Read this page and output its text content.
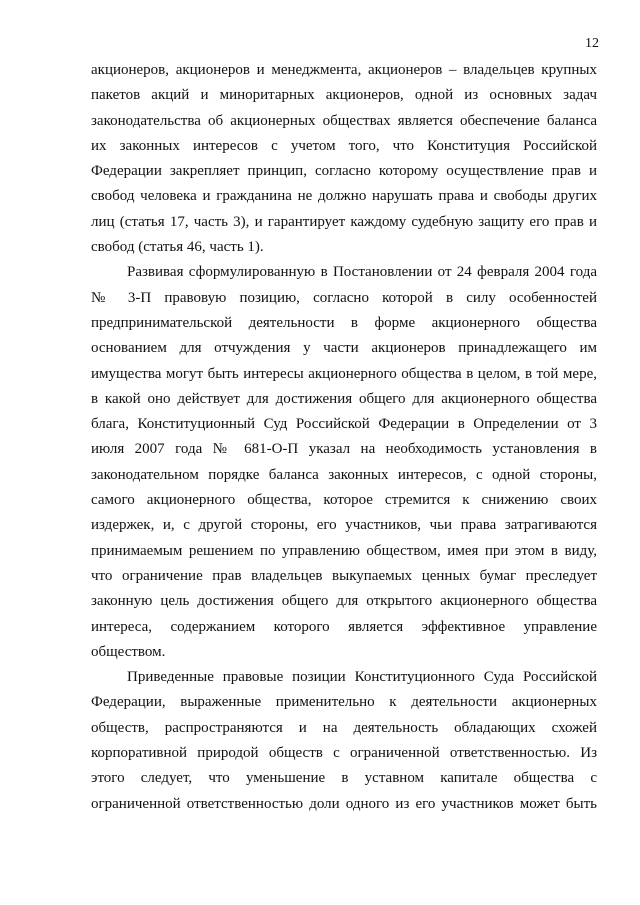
12
акционеров, акционеров и менеджмента, акционеров – владельцев крупных
пакетов акций и миноритарных акционеров, одной из основных задач
законодательства об акционерных обществах является обеспечение баланса
их законных интересов с учетом того, что Конституция Российской
Федерации закрепляет принцип, согласно которому осуществление прав и
свобод человека и гражданина не должно нарушать права и свободы других
лиц (статья 17, часть 3), и гарантирует каждому судебную защиту его прав и
свобод (статья 46, часть 1).
Развивая сформулированную в Постановлении от 24 февраля 2004 года
№ 3-П правовую позицию, согласно которой в силу особенностей
предпринимательской деятельности в форме акционерного общества
основанием для отчуждения у части акционеров принадлежащего им
имущества могут быть интересы акционерного общества в целом, в той мере,
в какой оно действует для достижения общего для акционерного общества
блага, Конституционный Суд Российской Федерации в Определении от 3
июля 2007 года № 681-О-П указал на необходимость установления в
законодательном порядке баланса законных интересов, с одной стороны,
самого акционерного общества, которое стремится к снижению своих
издержек, и, с другой стороны, его участников, чьи права затрагиваются
принимаемым решением по управлению обществом, имея при этом в виду,
что ограничение прав владельцев выкупаемых ценных бумаг преследует
законную цель достижения общего для открытого акционерного общества
интереса, содержанием которого является эффективное управление
обществом.
Приведенные правовые позиции Конституционного Суда Российской
Федерации, выраженные применительно к деятельности акционерных
обществ, распространяются и на деятельность обладающих схожей
корпоративной природой обществ с ограниченной ответственностью. Из
этого следует, что уменьшение в уставном капитале общества с
ограниченной ответственностью доли одного из его участников может быть
